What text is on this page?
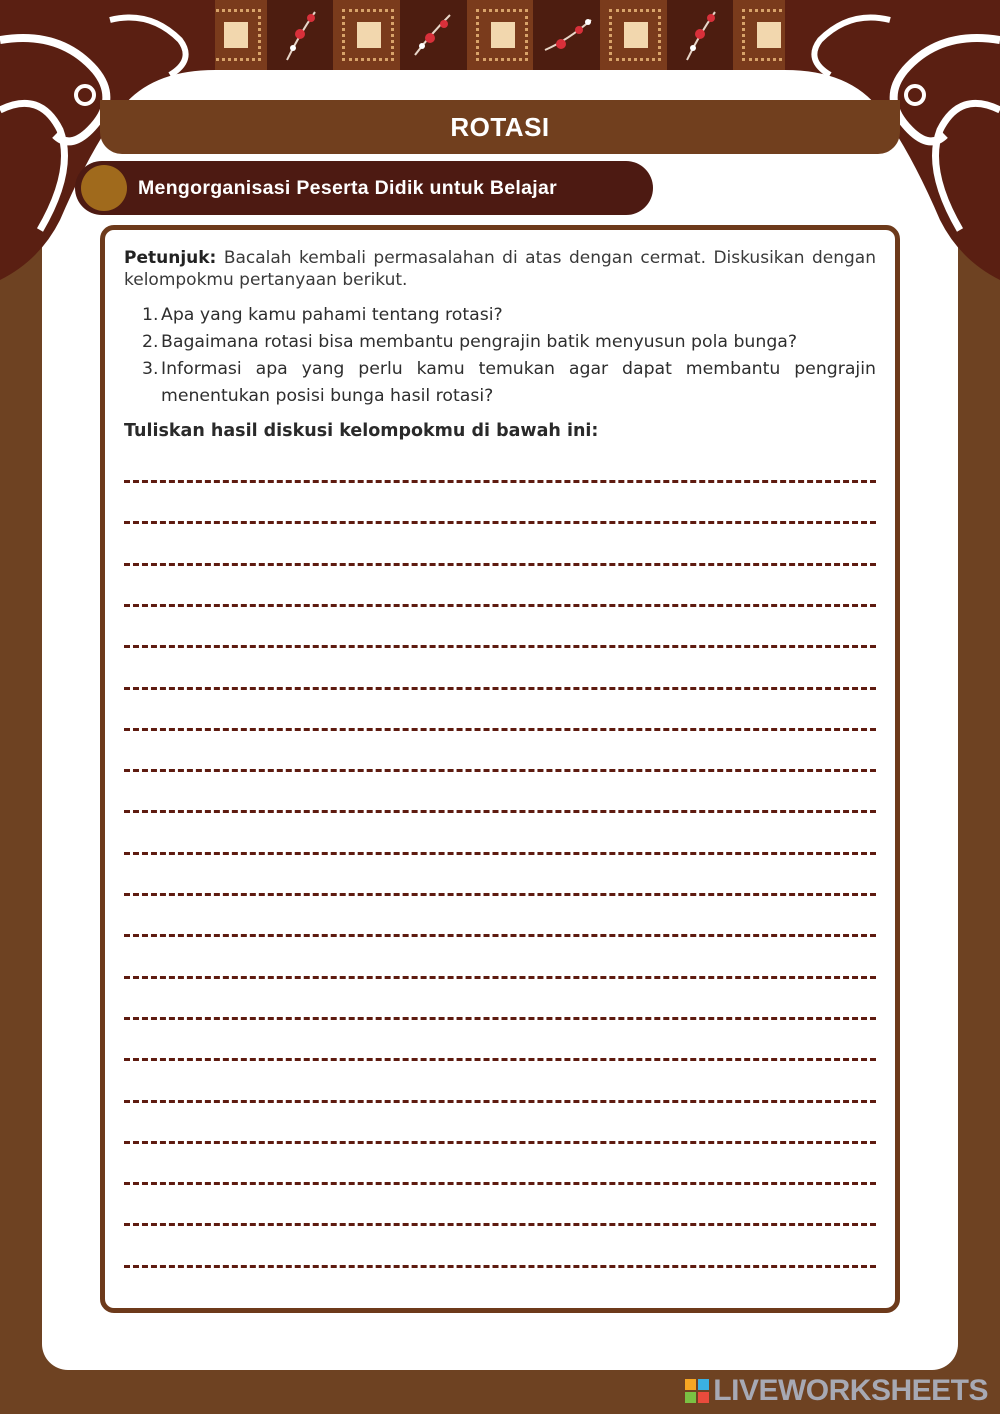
ROTASI
Mengorganisasi Peserta Didik untuk Belajar
Petunjuk: Bacalah kembali permasalahan di atas dengan cermat. Diskusikan dengan kelompokmu pertanyaan berikut.
1. Apa yang kamu pahami tentang rotasi?
2. Bagaimana rotasi bisa membantu pengrajin batik menyusun pola bunga?
3. Informasi apa yang perlu kamu temukan agar dapat membantu pengrajin menentukan posisi bunga hasil rotasi?
Tuliskan hasil diskusi kelompokmu di bawah ini:
LIVEWORKSHEETS
